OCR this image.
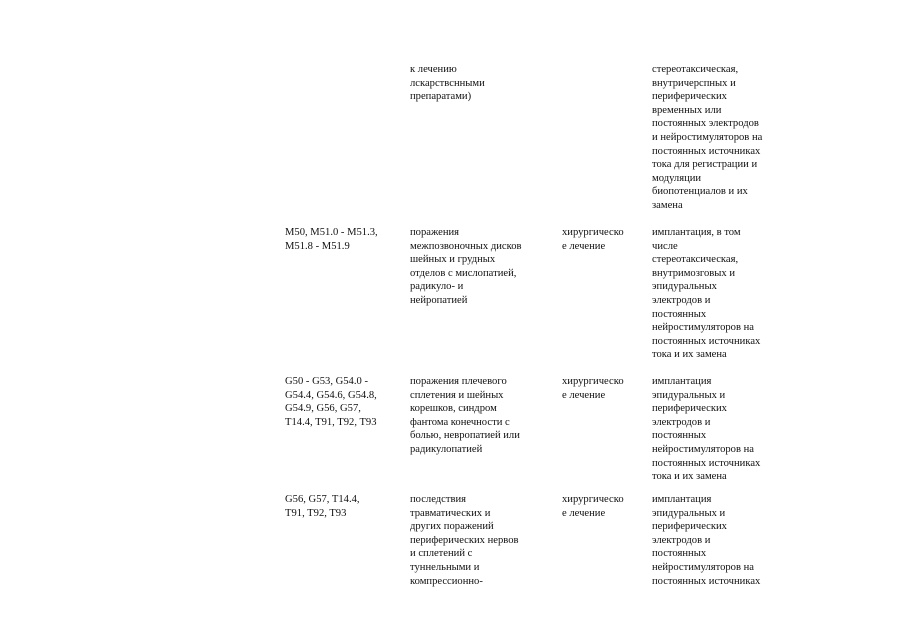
к лечению
лскарствснными
препаратами)

стереотаксическая,
внутричерспных и
периферических
временных или
постоянных электродов
и нейростимуляторов на
постоянных источниках
тока для регистрации и
модуляции
биопотенциалов и их
замена

M50, M51.0 - M51.3,
M51.8 - M51.9

поражения
межпозвоночных дисков
шейных и грудных
отделов с мислопатией,
радикуло- и
нейропатией

хирургическо
е лечение

имплантация, в том
числе
стереотаксическая,
внутримозговых и
эпидуральных
электродов и
постоянных
нейростимуляторов на
постоянных источниках
тока и их замена

G50 - G53, G54.0 -
G54.4, G54.6, G54.8,
G54.9, G56, G57,
T14.4, T91, T92, T93

поражения плечевого
сплетения и шейных
корешков, синдром
фантома конечности с
болью, невропатией или
радикулопатией

хирургическо
е лечение

имплантация
эпидуральных и
периферических
электродов и
постоянных
нейростимуляторов на
постоянных источниках
тока и их замена

G56, G57, T14.4,
T91, T92, T93

последствия
травматических и
других поражений
периферических нервов
и сплетений с
туннельными и
компрессионно-

хирургическо
е лечение

имплантация
эпидуральных и
периферических
электродов и
постоянных
нейростимуляторов на
постоянных источниках
